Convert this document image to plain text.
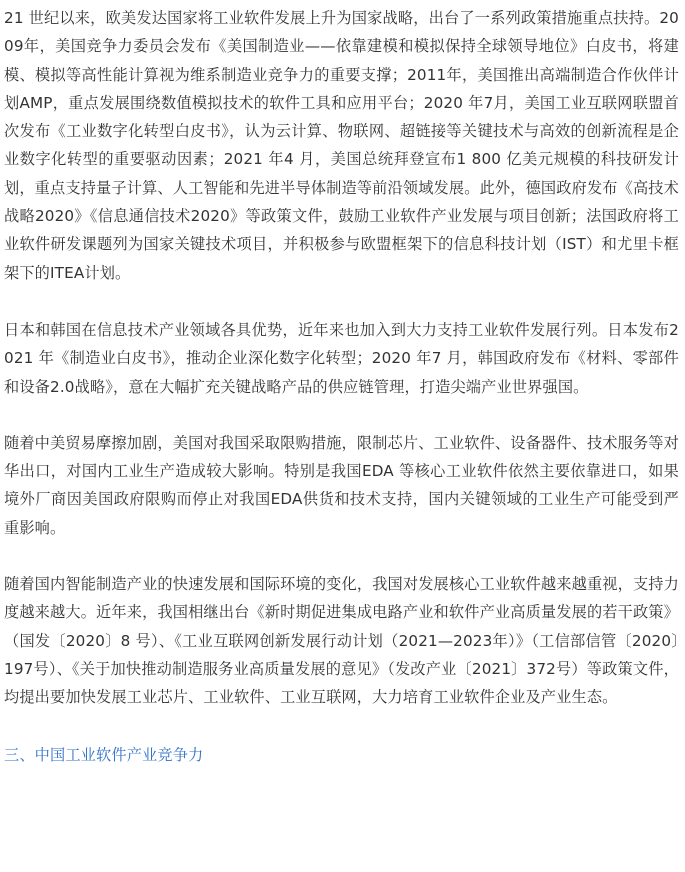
21 世纪以来，欧美发达国家将工业软件发展上升为国家战略，出台了一系列政策措施重点扶持。2009年，美国竞争力委员会发布《美国制造业——依靠建模和模拟保持全球领导地位》白皮书，将建模、模拟等高性能计算视为维系制造业竞争力的重要支撑；2011年，美国推出高端制造合作伙伴计划AMP，重点发展围绕数值模拟技术的软件工具和应用平台；2020 年7月，美国工业互联网联盟首次发布《工业数字化转型白皮书》，认为云计算、物联网、超链接等关键技术与高效的创新流程是企业数字化转型的重要驱动因素；2021 年4 月，美国总统拜登宣布1 800 亿美元规模的科技研发计划，重点支持量子计算、人工智能和先进半导体制造等前沿领域发展。此外，德国政府发布《高技术战略2020》《信息通信技术2020》等政策文件，鼓励工业软件产业发展与项目创新；法国政府将工业软件研发课题列为国家关键技术项目，并积极参与欧盟框架下的信息科技计划（IST）和尤里卡框架下的ITEA计划。

日本和韩国在信息技术产业领域各具优势，近年来也加入到大力支持工业软件发展行列。日本发布2021 年《制造业白皮书》，推动企业深化数字化转型；2020 年7 月，韩国政府发布《材料、零部件和设备2.0战略》，意在大幅扩充关键战略产品的供应链管理，打造尖端产业世界强国。

随着中美贸易摩擦加剧，美国对我国采取限购措施，限制芯片、工业软件、设备器件、技术服务等对华出口，对国内工业生产造成较大影响。特别是我国EDA 等核心工业软件依然主要依靠进口，如果境外厂商因美国政府限购而停止对我国EDA供货和技术支持，国内关键领域的工业生产可能受到严重影响。

随着国内智能制造产业的快速发展和国际环境的变化，我国对发展核心工业软件越来越重视，支持力度越来越大。近年来，我国相继出台《新时期促进集成电路产业和软件产业高质量发展的若干政策》（国发〔2020〕8 号）、《工业互联网创新发展行动计划（2021—2023年）》（工信部信管〔2020〕197号）、《关于加快推动制造服务业高质量发展的意见》（发改产业〔2021〕372号）等政策文件，均提出要加快发展工业芯片、工业软件、工业互联网，大力培育工业软件企业及产业生态。

三、中国工业软件产业竞争力
